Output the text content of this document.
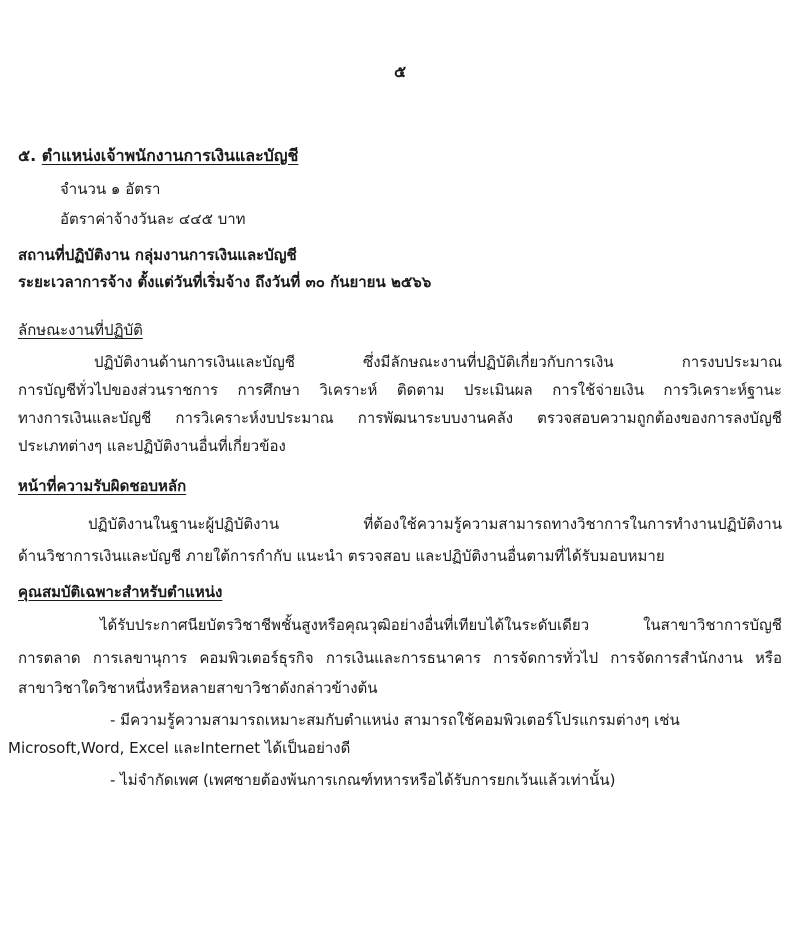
๕
๕. ตำแหน่งเจ้าพนักงานการเงินและบัญชี
จำนวน ๑ อัตรา
อัตราค่าจ้างวันละ ๔๔๕ บาท
สถานที่ปฏิบัติงาน กลุ่มงานการเงินและบัญชี
ระยะเวลาการจ้าง ตั้งแต่วันที่เริ่มจ้าง ถึงวันที่ ๓๐ กันยายน ๒๕๖๖
ลักษณะงานที่ปฏิบัติ
ปฏิบัติงานด้านการเงินและบัญชี ซึ่งมีลักษณะงานที่ปฏิบัติเกี่ยวกับการเงิน การงบประมาณ
การบัญชีทั่วไปของส่วนราชการ การศึกษา วิเคราะห์ ติดตาม ประเมินผล การใช้จ่ายเงิน การวิเคราะห์ฐานะ
ทางการเงินและบัญชี การวิเคราะห์งบประมาณ การพัฒนาระบบงานคลัง ตรวจสอบความถูกต้องของการลงบัญชี
ประเภทต่างๆ และปฏิบัติงานอื่นที่เกี่ยวข้อง
หน้าที่ความรับผิดชอบหลัก
ปฏิบัติงานในฐานะผู้ปฏิบัติงาน ที่ต้องใช้ความรู้ความสามารถทางวิชาการในการทำงานปฏิบัติงาน
ด้านวิชาการเงินและบัญชี ภายใต้การกำกับ แนะนำ ตรวจสอบ และปฏิบัติงานอื่นตามที่ได้รับมอบหมาย
คุณสมบัติเฉพาะสำหรับตำแหน่ง
ได้รับประกาศนียบัตรวิชาชีพชั้นสูงหรือคุณวุฒิอย่างอื่นที่เทียบได้ในระดับเดียว ในสาขาวิชาการบัญชี
การตลาด การเลขานุการ คอมพิวเตอร์ธุรกิจ การเงินและการธนาคาร การจัดการทั่วไป การจัดการสำนักงาน หรือ
สาขาวิชาใดวิชาหนึ่งหรือหลายสาขาวิชาดังกล่าวข้างต้น
- มีความรู้ความสามารถเหมาะสมกับตำแหน่ง สามารถใช้คอมพิวเตอร์โปรแกรมต่างๆ เช่น
Microsoft,Word, Excel และInternet ได้เป็นอย่างดี
- ไม่จำกัดเพศ (เพศชายต้องพ้นการเกณฑ์ทหารหรือได้รับการยกเว้นแล้วเท่านั้น)
